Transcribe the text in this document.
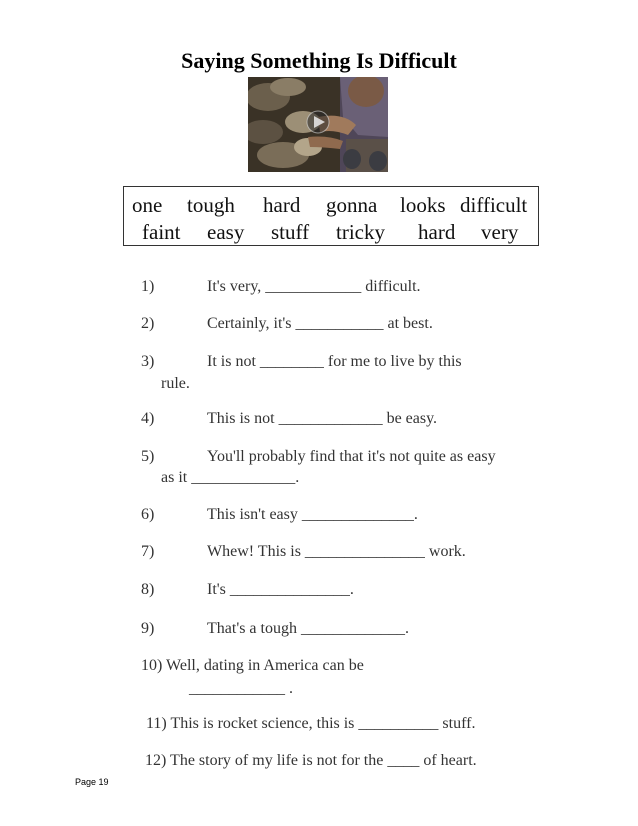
Saying Something Is Difficult
one tough hard gonna looks difficult
faint easy stuff tricky hard very
1)	It's very, ____________ difficult.
2)	Certainly, it's ___________ at best.
3)	It is not ________ for me to live by this
rule.
4)	This is not _____________ be easy.
5)	You'll probably find that it's not quite as easy
as it _____________.
6)	This isn't easy ______________.
7)	Whew! This is _______________ work.
8)	It's _______________.
9)	That's a tough _____________.
10) Well, dating in America can be
____________ .
11) This is rocket science, this is __________ stuff.
12) The story of my life is not for the ____ of heart.
Page 19
